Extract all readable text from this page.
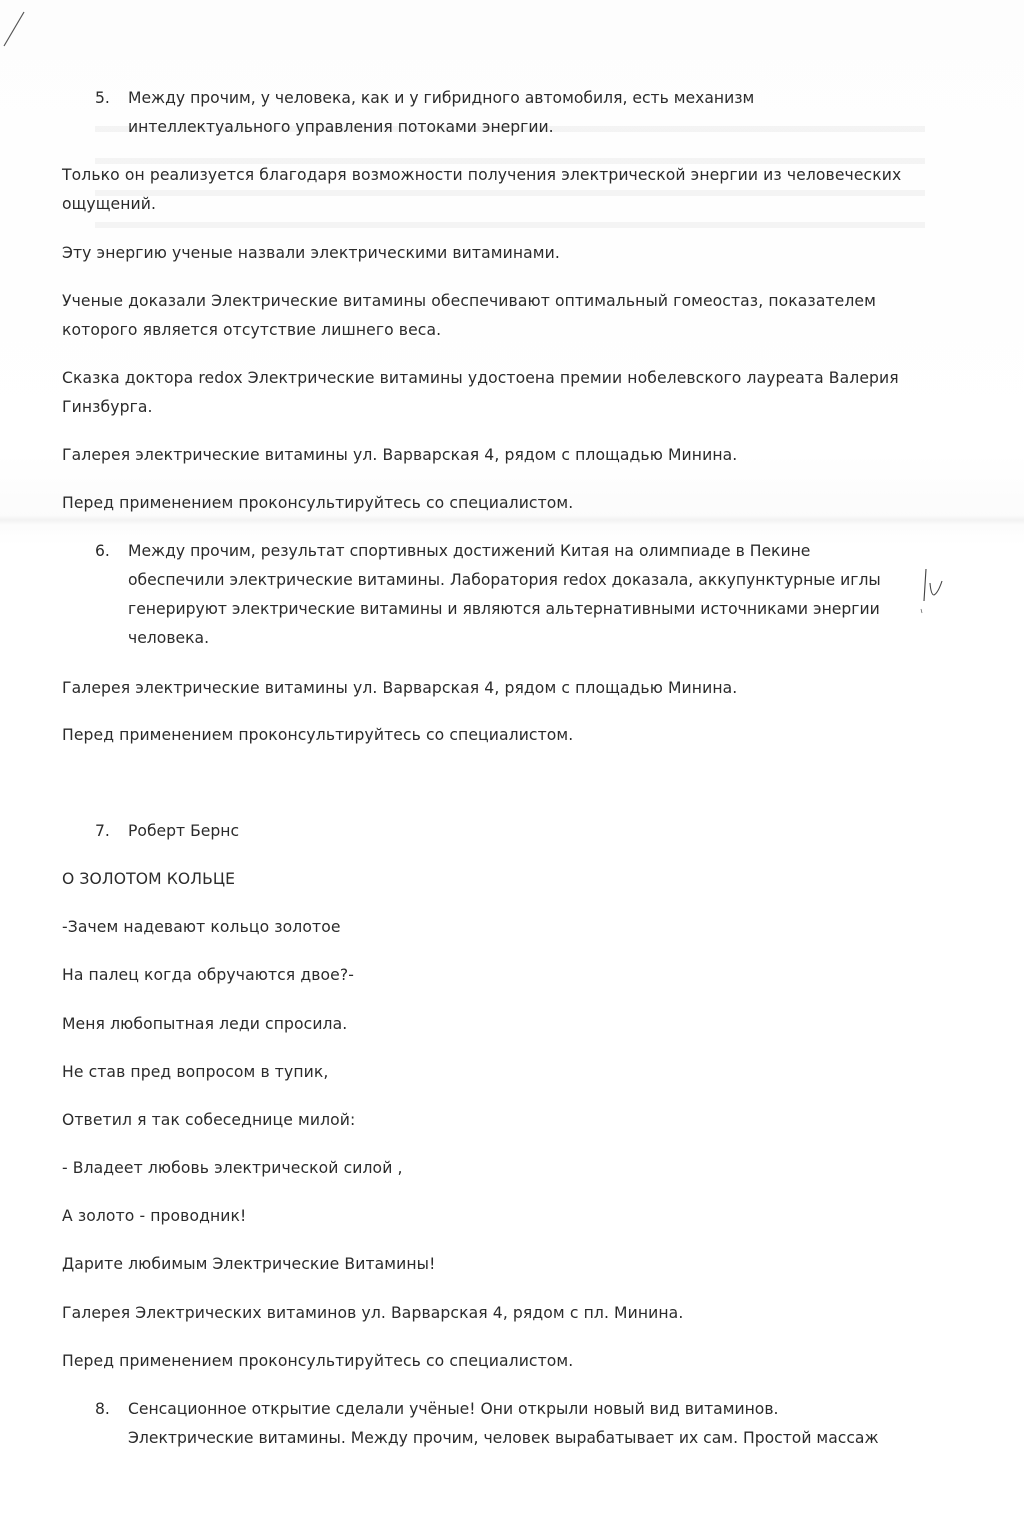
5. Между прочим, у человека, как и у гибридного автомобиля, есть механизм
интеллектуального управления потоками энергии.
Только он реализуется благодаря возможности получения электрической энергии из человеческих
ощущений.
Эту энергию ученые назвали электрическими витаминами.
Ученые доказали Электрические витамины обеспечивают оптимальный гомеостаз, показателем
которого является отсутствие лишнего веса.
Сказка доктора redox Электрические витамины удостоена премии нобелевского лауреата Валерия
Гинзбурга.
Галерея электрические витамины ул. Варварская 4, рядом с площадью Минина.
Перед применением проконсультируйтесь со специалистом.
6. Между прочим, результат спортивных достижений Китая на олимпиаде в Пекине
обеспечили электрические витамины. Лаборатория redox доказала, аккупунктурные иглы
генерируют электрические витамины и являются альтернативными источниками энергии
человека.
Галерея электрические витамины ул. Варварская 4, рядом с площадью Минина.
Перед применением проконсультируйтесь со специалистом.
7. Роберт Бернс
О ЗОЛОТОМ КОЛЬЦЕ
-Зачем надевают кольцо золотое
На палец когда обручаются двое?-
Меня любопытная леди спросила.
Не став пред вопросом в тупик,
Ответил я так собеседнице милой:
- Владеет любовь электрической силой ,
А золото - проводник!
Дарите любимым Электрические Витамины!
Галерея Электрических витаминов ул. Варварская 4, рядом с пл. Минина.
Перед применением проконсультируйтесь со специалистом.
8. Сенсационное открытие сделали учёные! Они открыли новый вид витаминов.
Электрические витамины. Между прочим, человек вырабатывает их сам. Простой массаж
